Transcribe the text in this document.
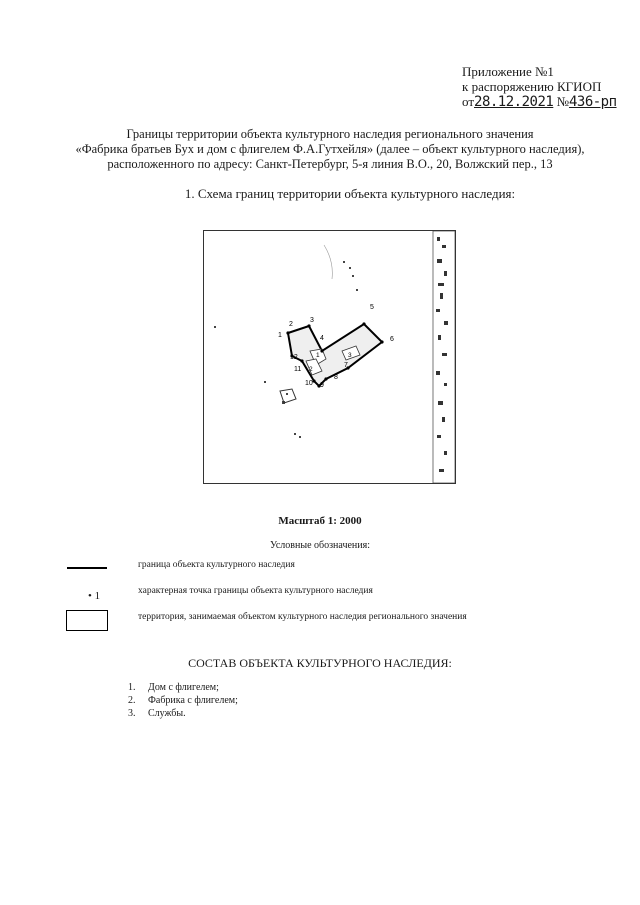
Приложение №1
к распоряжению КГИОП
от28.12.2021 №436-рп
Границы территории объекта культурного наследия регионального значения
«Фабрика братьев Бух и дом с флигелем Ф.А.Гутхейля» (далее – объект культурного наследия),
расположенного по адресу: Санкт-Петербург, 5-я линия В.О., 20, Волжский пер., 13
1. Схема границ территории объекта культурного наследия:
1
2
3
4
5
6
7
8
9
10
11
12	1
2
3
Масштаб 1: 2000
Условные обозначения:
граница объекта культурного наследия
• 1	характерная точка границы объекта культурного наследия
территория, занимаемая объектом культурного наследия регионального значения
СОСТАВ ОБЪЕКТА КУЛЬТУРНОГО НАСЛЕДИЯ:
1. Дом с флигелем;
2. Фабрика с флигелем;
3. Службы.
